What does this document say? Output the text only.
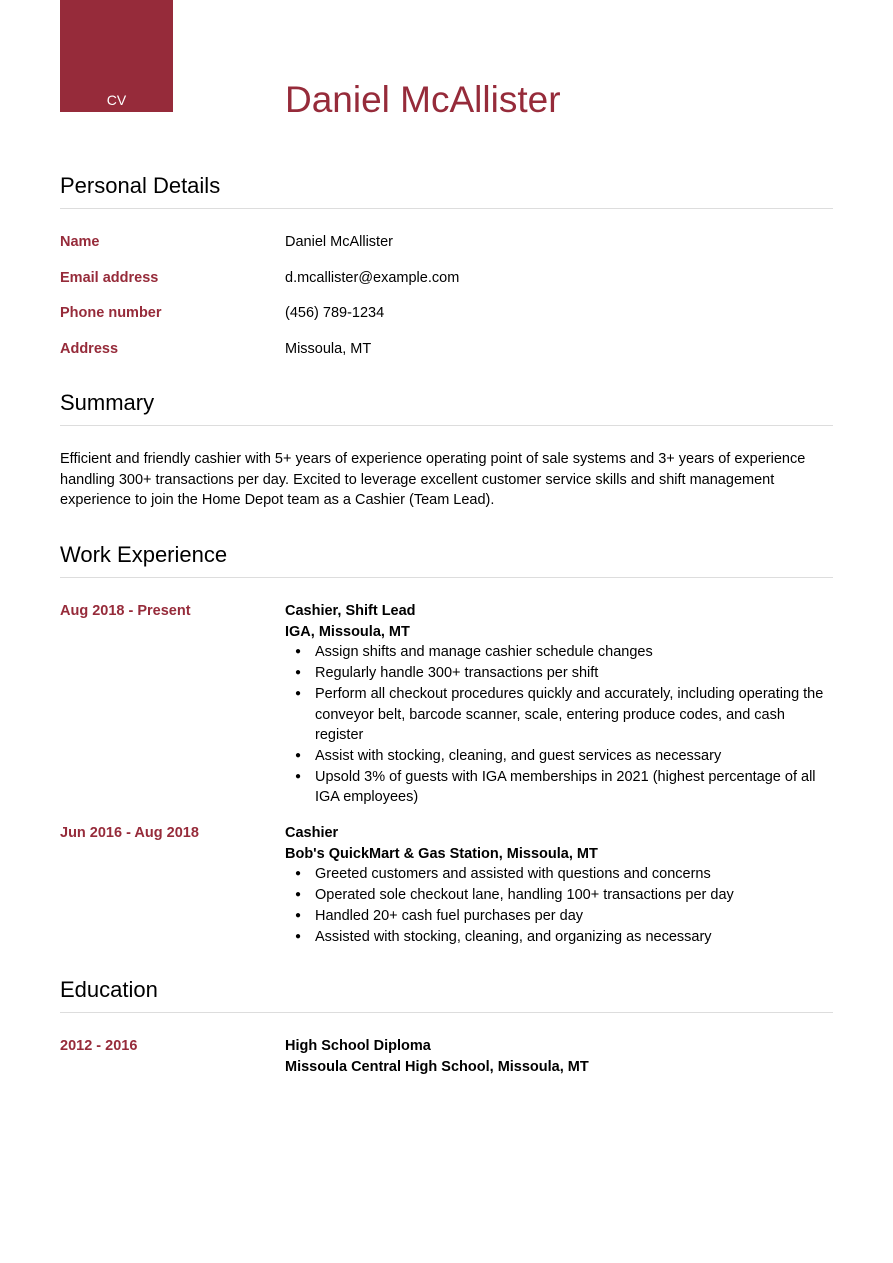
CV	Daniel McAllister
Personal Details
Name	Daniel McAllister
Email address	d.mcallister@example.com
Phone number	(456) 789-1234
Address	Missoula, MT
Summary

Efficient and friendly cashier with 5+ years of experience operating point of sale systems and 3+ years of experience handling 300+ transactions per day. Excited to leverage excellent customer service skills and shift management experience to join the Home Depot team as a Cashier (Team Lead).

Work Experience
Aug 2018 - Present	Cashier, Shift Lead
IGA, Missoula, MT
● Assign shifts and manage cashier schedule changes
● Regularly handle 300+ transactions per shift
● Perform all checkout procedures quickly and accurately, including operating the conveyor belt, barcode scanner, scale, entering produce codes, and cash register
● Assist with stocking, cleaning, and guest services as necessary
● Upsold 3% of guests with IGA memberships in 2021 (highest percentage of all IGA employees)
Jun 2016 - Aug 2018	Cashier
Bob's QuickMart & Gas Station, Missoula, MT
● Greeted customers and assisted with questions and concerns
● Operated sole checkout lane, handling 100+ transactions per day
● Handled 20+ cash fuel purchases per day
● Assisted with stocking, cleaning, and organizing as necessary
Education
2012 - 2016	High School Diploma
Missoula Central High School, Missoula, MT
